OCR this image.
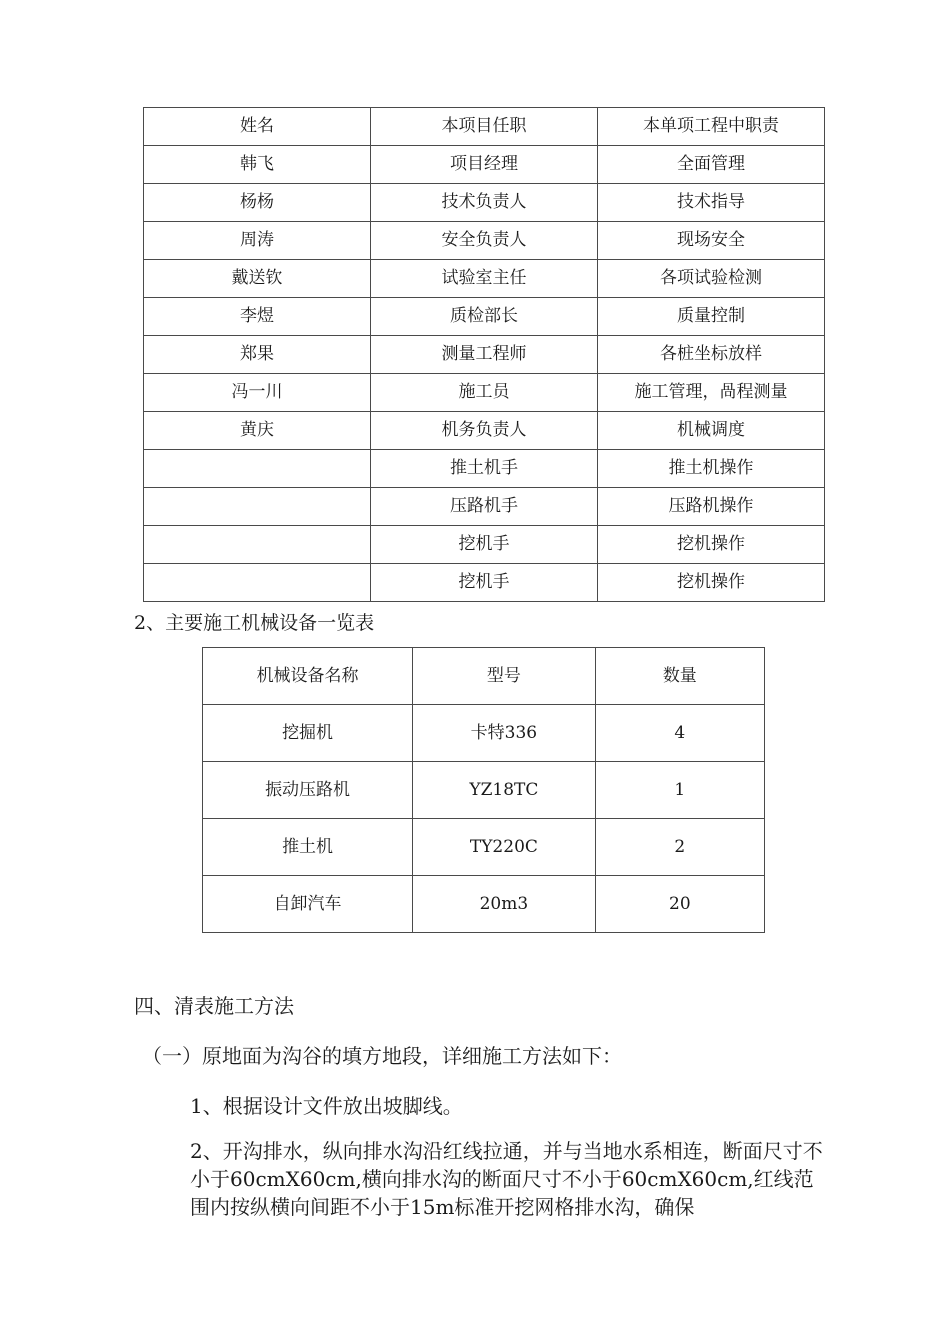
姓名	本项目任职	本单项工程中职责
韩飞	项目经理	全面管理
杨杨	技术负责人	技术指导
周涛	安全负责人	现场安全
戴送钦	试验室主任	各项试验检测
李煜	质检部长	质量控制
郑果	测量工程师	各桩坐标放样
冯一川	施工员	施工管理，咼程测量
黄庆	机务负责人	机械调度
	推土机手	推土机操作
	压路机手	压路机操作
	挖机手	挖机操作
	挖机手	挖机操作
2、主要施工机械设备一览表
机械设备名称	型号	数量
挖掘机	卡特336	4
振动压路机	YZ18TC	1
推土机	TY220C	2
自卸汽车	20m3	20
四、清表施工方法
（一）原地面为沟谷的填方地段，详细施工方法如下：
1、根据设计文件放出坡脚线。
2、开沟排水，纵向排水沟沿红线拉通，并与当地水系相连，断面尺寸不小于60cmX60cm,横向排水沟的断面尺寸不小于60cmX60cm,红线范围内按纵横向间距不小于15m标准开挖网格排水沟，确保
